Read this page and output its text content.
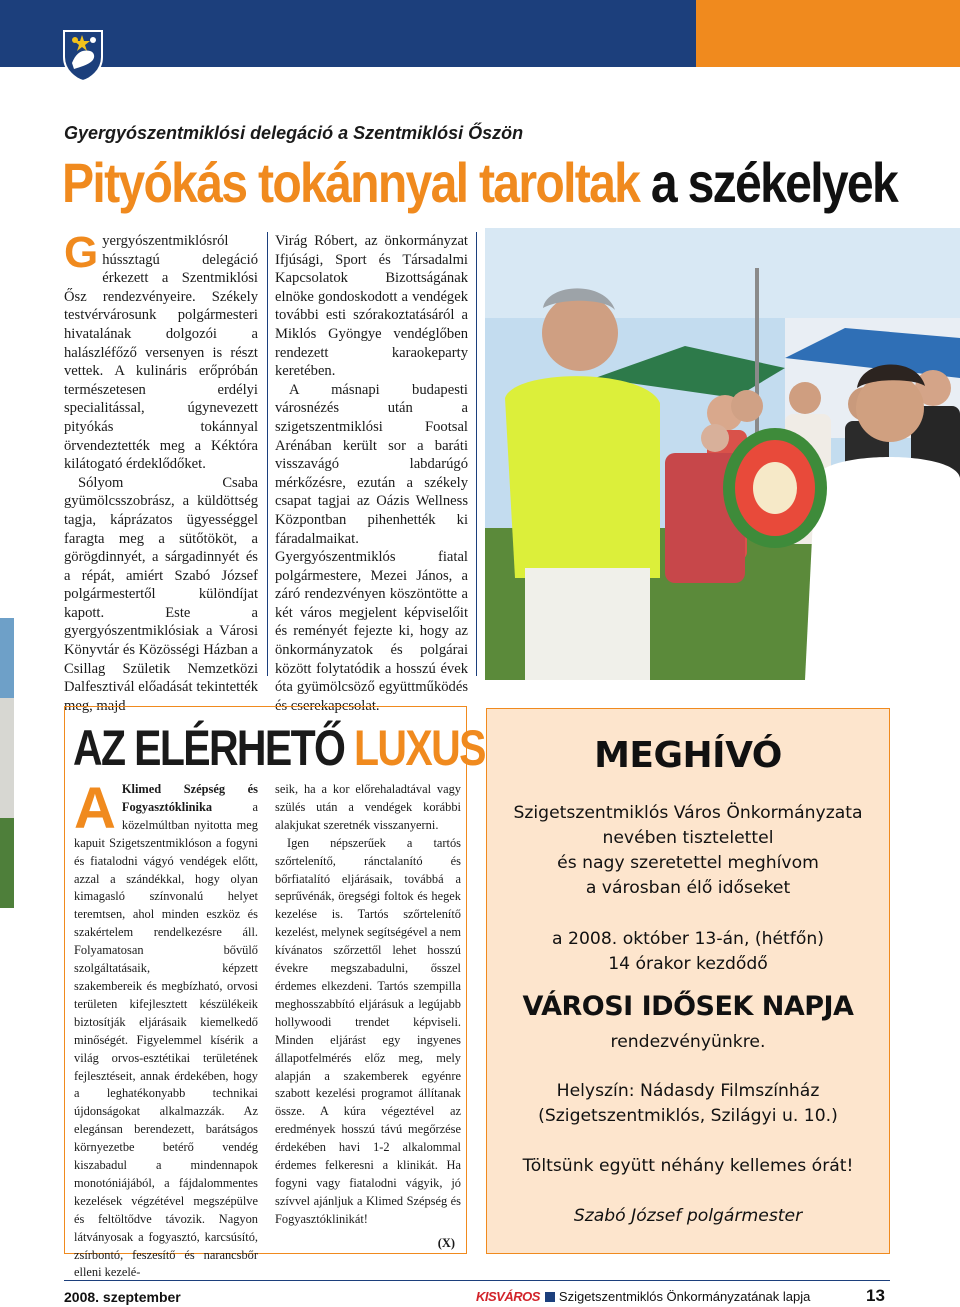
Gyergyószentmiklósi delegáció a Szentmiklósi Őszön
Pityókás tokánnyal taroltak a székelyek

Gyergyószentmiklósról hússztagú delegáció érkezett a Szentmiklósi Ősz rendezvényeire. Székely testvérvárosunk polgármesteri hivatalának dolgozói a halászléfőző versenyen is részt vettek. A kulináris erőpróbán természetesen erdélyi specialitással, úgynevezett pityókás tokánnyal örvendeztették meg a Kéktóra kilátogató érdeklődőket.

Sólyom Csaba gyümölcsszobrász, a küldöttség tagja, káprázatos ügyességgel faragta meg a sütőtököt, a görögdinnyét, a sárgadinnyét és a répát, amiért Szabó József polgármestertől különdíjat kapott. Este a gyergyószentmiklósiak a Városi Könyvtár és Közösségi Házban a Csillag Születik Nemzetközi Dalfesztivál előadását tekintették meg, majd

Virág Róbert, az önkormányzat Ifjúsági, Sport és Társadalmi Kapcsolatok Bizottságának elnöke gondoskodott a vendégek további esti szórakoztatásáról a Miklós Gyöngye vendéglőben rendezett karaokeparty keretében.

A másnapi budapesti városnézés után a szigetszentmiklósi Footsal Arénában került sor a baráti visszavágó labdarúgó mérkőzésre, ezután a székely csapat tagjai az Oázis Wellness Központban pihenhették ki fáradalmaikat. Gyergyószentmiklós fiatal polgármestere, Mezei János, a záró rendezvényen köszöntötte a két város megjelent képviselőit és reményét fejezte ki, hogy az önkormányzatok és polgárai között folytatódik a hosszú évek óta gyümölcsöző együttműködés és cserekapcsolat.

AZ ELÉRHETŐ LUXUS

A Klimed Szépség és Fogyasztóklinika a közelmúltban nyitotta meg kapuit Szigetszentmiklóson a fogyni és fiatalodni vágyó vendégek előtt, azzal a szándékkal, hogy olyan kimagasló színvonalú helyet teremtsen, ahol minden eszköz és szakértelem rendelkezésre áll. Folyamatosan bővülő szolgáltatásaik, képzett szakembereik és megbízható, orvosi területen kifejlesztett készülékeik biztosítják eljárásaik kiemelkedő minőségét. Figyelemmel kísérik a világ orvos-esztétikai területének fejlesztéseit, annak érdekében, hogy a leghatékonyabb technikai újdonságokat alkalmazzák. Az elegánsan berendezett, barátságos környezetbe betérő vendég kiszabadul a mindennapok monotóniájából, a fájdalommentes kezelések végzétével megszépülve és feltöltődve távozik. Nagyon látványosak a fogyasztó, karcsúsító, zsírbontó, feszesítő és narancsbőr elleni kezelé-

seik, ha a kor előrehaladtával vagy szülés után a vendégek korábbi alakjukat szeretnék visszanyerni.

Igen népszerűek a tartós szőrtelenítő, ránctalanító és bőrfiatalító eljárásaik, továbbá a seprűvénák, öregségi foltok és hegek kezelése is. Tartós szőrtelenítő kezelést, melynek segítségével a nem kívánatos szőrzettől lehet hosszú évekre megszabadulni, ősszel érdemes elkezdeni. Tartós szempilla meghosszabbító eljárásuk a legújabb hollywoodi trendet képviseli. Minden eljárást egy ingyenes állapotfelmérés előz meg, mely alapján a szakemberek egyénre szabott kezelési programot állítanak össze. A kúra végeztével az eredmények hosszú távú megőrzése érdekében havi 1-2 alkalommal érdemes felkeresni a klinikát. Ha fogyni vagy fiatalodni vágyik, jó szívvel ajánljuk a Klimed Szépség és Fogyasztóklinikát!

(X)
MEGHÍVÓ
Szigetszentmiklós Város Önkormányzata
nevében tisztelettel
és nagy szeretettel meghívom
a városban élő időseket
a 2008. október 13-án, (hétfőn)
14 órakor kezdődő
VÁROSI IDŐSEK NAPJA
rendezvényünkre.
Helyszín: Nádasdy Filmszínház
(Szigetszentmiklós, Szilágyi u. 10.)
Töltsünk együtt néhány kellemes órát!
Szabó József polgármester
2008. szeptember	KISVÁROS Szigetszentmiklós Önkormányzatának lapja	13
